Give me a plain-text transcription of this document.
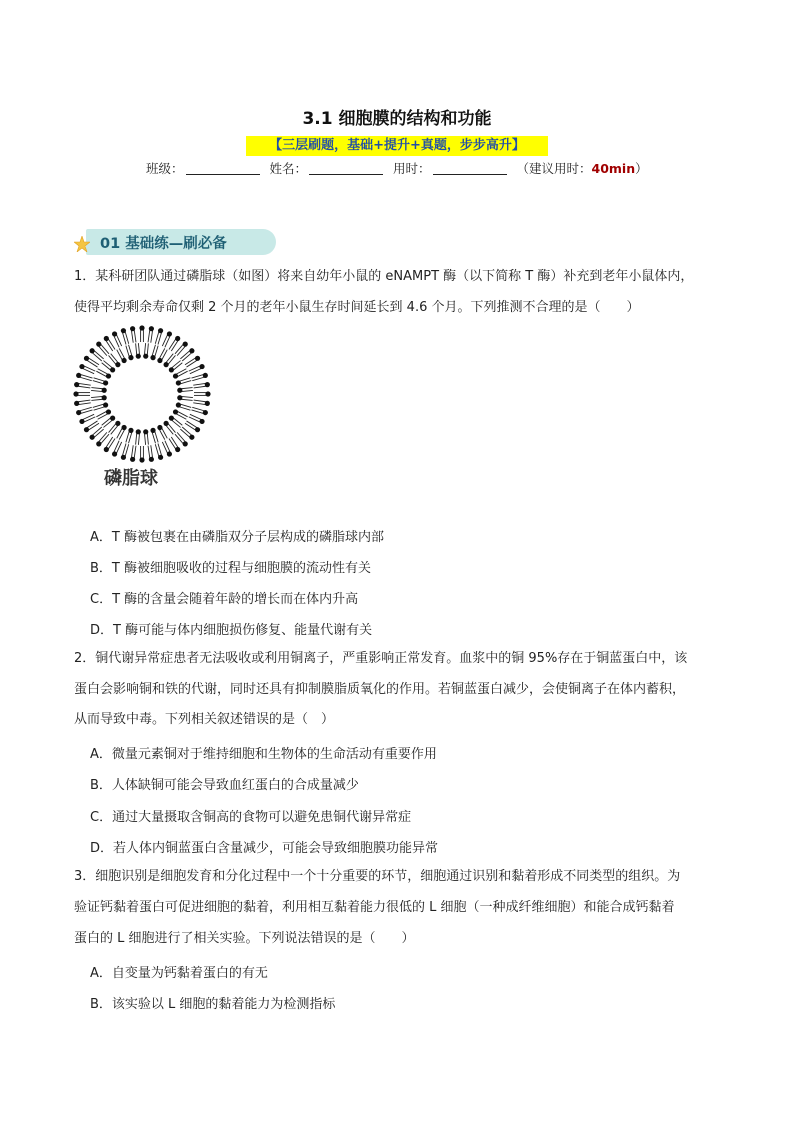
3.1 细胞膜的结构和功能
【三层刷题，基础+提升+真题，步步高升】
班级：	姓名：	用时：	（建议用时：40min）
01 基础练—刷必备
1．某科研团队通过磷脂球（如图）将来自幼年小鼠的 eNAMPT 酶（以下简称 T 酶）补充到老年小鼠体内，
使得平均剩余寿命仅剩 2 个月的老年小鼠生存时间延长到 4.6 个月。下列推测不合理的是（　　）
磷脂球
A．T 酶被包裹在由磷脂双分子层构成的磷脂球内部
B．T 酶被细胞吸收的过程与细胞膜的流动性有关
C．T 酶的含量会随着年龄的增长而在体内升高
D．T 酶可能与体内细胞损伤修复、能量代谢有关
2．铜代谢异常症患者无法吸收或利用铜离子，严重影响正常发育。血浆中的铜 95%存在于铜蓝蛋白中，该
蛋白会影响铜和铁的代谢，同时还具有抑制膜脂质氧化的作用。若铜蓝蛋白减少，会使铜离子在体内蓄积，
从而导致中毒。下列相关叙述错误的是（　）
A．微量元素铜对于维持细胞和生物体的生命活动有重要作用
B．人体缺铜可能会导致血红蛋白的合成量减少
C．通过大量摄取含铜高的食物可以避免患铜代谢异常症
D．若人体内铜蓝蛋白含量减少，可能会导致细胞膜功能异常
3．细胞识别是细胞发育和分化过程中一个十分重要的环节，细胞通过识别和黏着形成不同类型的组织。为
验证钙黏着蛋白可促进细胞的黏着，利用相互黏着能力很低的 L 细胞（一种成纤维细胞）和能合成钙黏着
蛋白的 L 细胞进行了相关实验。下列说法错误的是（　　）
A．自变量为钙黏着蛋白的有无
B．该实验以 L 细胞的黏着能力为检测指标
